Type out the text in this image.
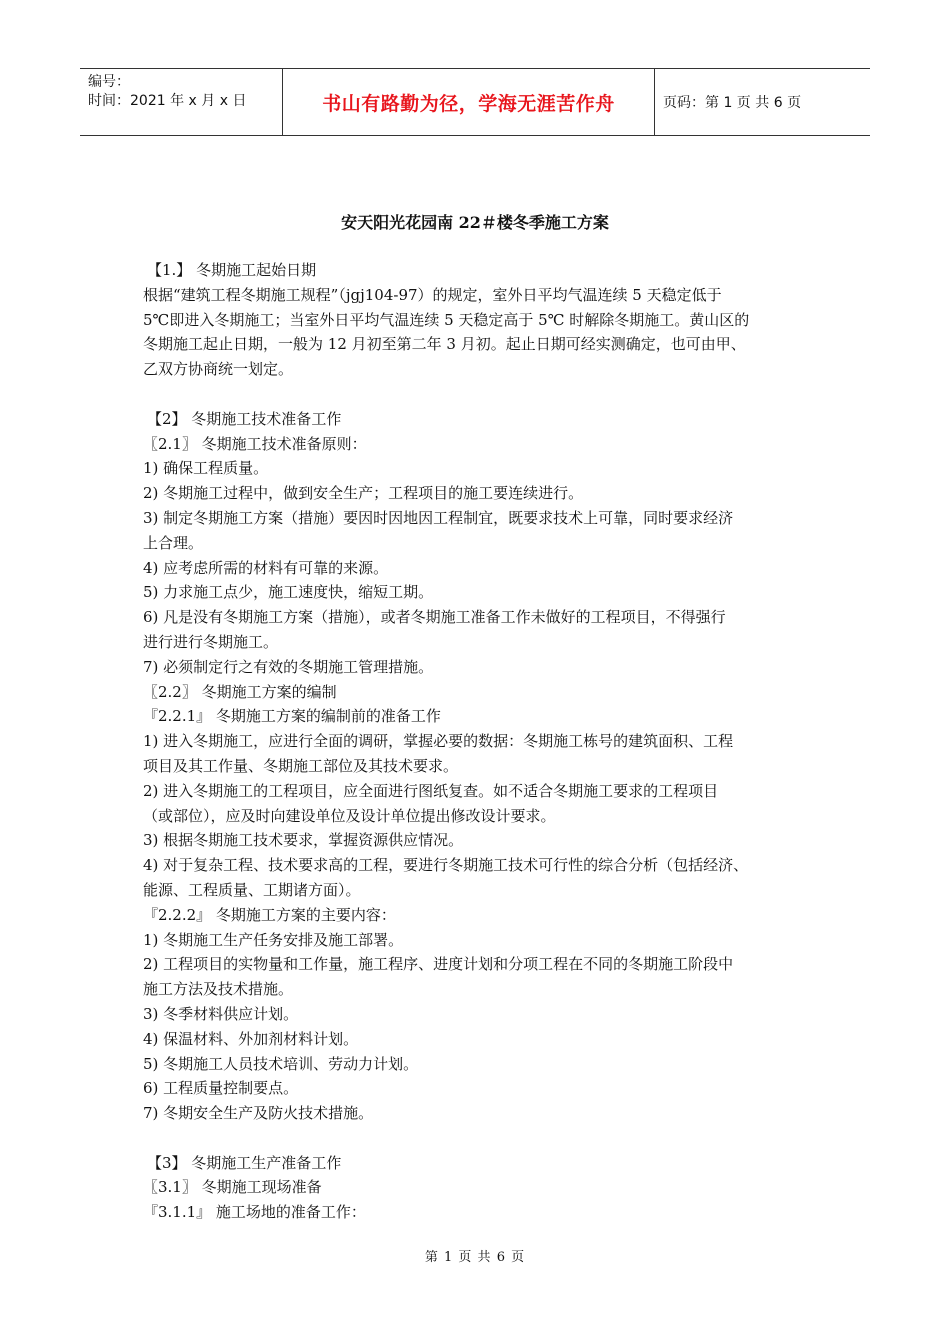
编号：
时间：2021 年 x 月 x 日	书山有路勤为径，学海无涯苦作舟	页码：第 1 页 共 6 页
安天阳光花园南 22＃楼冬季施工方案

【1.】 冬期施工起始日期

根据“建筑工程冬期施工规程”（jgj104-97）的规定，室外日平均气温连续 5 天稳定低于

5℃即进入冬期施工；当室外日平均气温连续 5 天稳定高于 5℃ 时解除冬期施工。黄山区的

冬期施工起止日期，一般为 12 月初至第二年 3 月初。起止日期可经实测确定，也可由甲、

乙双方协商统一划定。

【2】 冬期施工技术准备工作

〖2.1〗 冬期施工技术准备原则：

1) 确保工程质量。

2) 冬期施工过程中，做到安全生产；工程项目的施工要连续进行。

3) 制定冬期施工方案（措施）要因时因地因工程制宜，既要求技术上可靠，同时要求经济

上合理。

4) 应考虑所需的材料有可靠的来源。

5) 力求施工点少，施工速度快，缩短工期。

6) 凡是没有冬期施工方案（措施），或者冬期施工准备工作未做好的工程项目，不得强行

进行进行冬期施工。

7) 必须制定行之有效的冬期施工管理措施。

〖2.2〗 冬期施工方案的编制

『2.2.1』 冬期施工方案的编制前的准备工作

1) 进入冬期施工，应进行全面的调研，掌握必要的数据：冬期施工栋号的建筑面积、工程

项目及其工作量、冬期施工部位及其技术要求。

2) 进入冬期施工的工程项目，应全面进行图纸复查。如不适合冬期施工要求的工程项目

（或部位），应及时向建设单位及设计单位提出修改设计要求。

3) 根据冬期施工技术要求，掌握资源供应情况。

4) 对于复杂工程、技术要求高的工程，要进行冬期施工技术可行性的综合分析（包括经济、

能源、工程质量、工期诸方面）。

『2.2.2』 冬期施工方案的主要内容：

1) 冬期施工生产任务安排及施工部署。

2) 工程项目的实物量和工作量，施工程序、进度计划和分项工程在不同的冬期施工阶段中

施工方法及技术措施。

3) 冬季材料供应计划。

4) 保温材料、外加剂材料计划。

5) 冬期施工人员技术培训、劳动力计划。

6) 工程质量控制要点。

7) 冬期安全生产及防火技术措施。

【3】 冬期施工生产准备工作

〖3.1〗 冬期施工现场准备

『3.1.1』 施工场地的准备工作：

第 1 页 共 6 页
